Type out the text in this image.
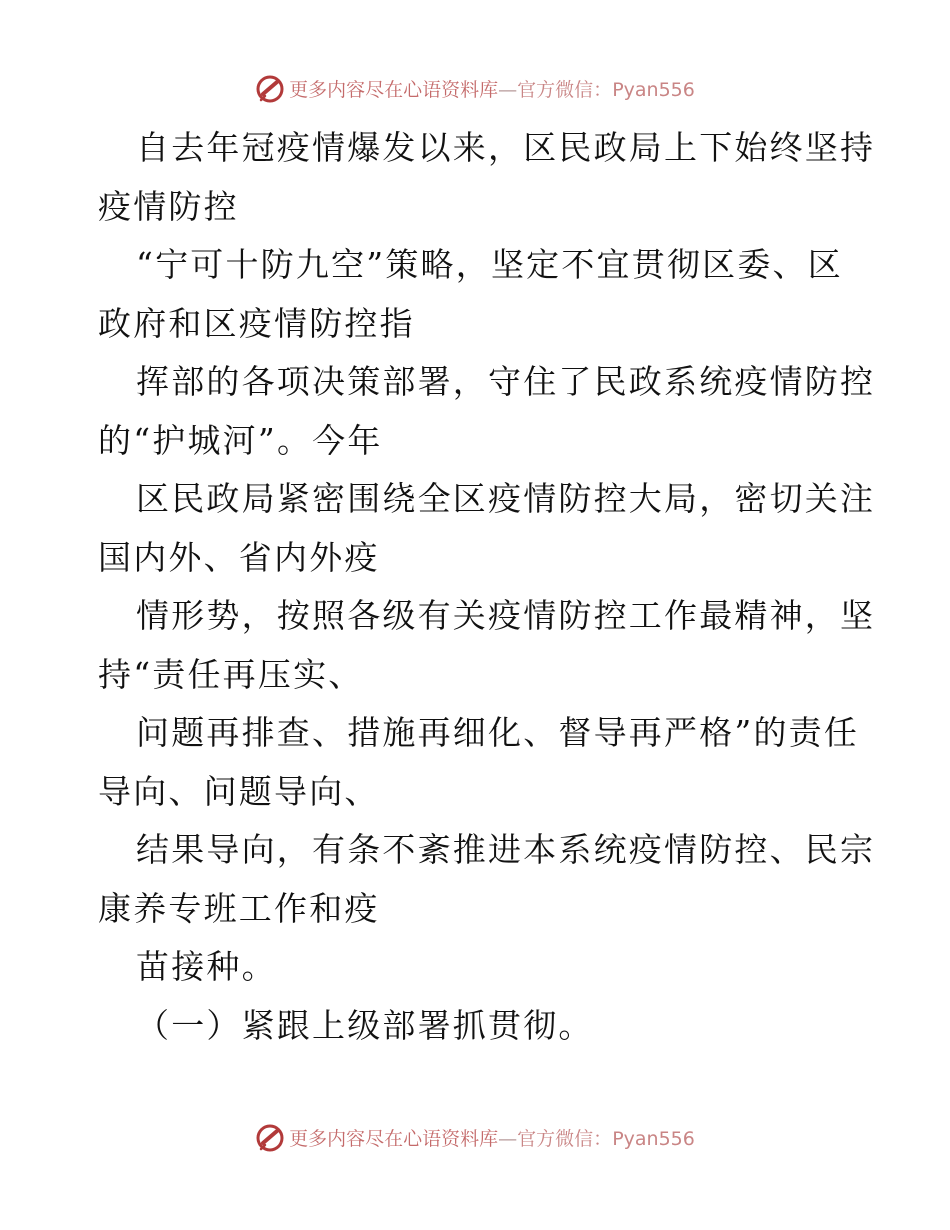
更多内容尽在心语资料库—官方微信：Pyan556

自去年冠疫情爆发以来，区民政局上下始终坚持

疫情防控

“宁可十防九空”策略，坚定不宜贯彻区委、区

政府和区疫情防控指

挥部的各项决策部署，守住了民政系统疫情防控

的“护城河”。今年

区民政局紧密围绕全区疫情防控大局，密切关注

国内外、省内外疫

情形势，按照各级有关疫情防控工作最精神，坚

持“责任再压实、

问题再排查、措施再细化、督导再严格”的责任

导向、问题导向、

结果导向，有条不紊推进本系统疫情防控、民宗

康养专班工作和疫

苗接种。

（一）紧跟上级部署抓贯彻。

更多内容尽在心语资料库—官方微信：Pyan556
